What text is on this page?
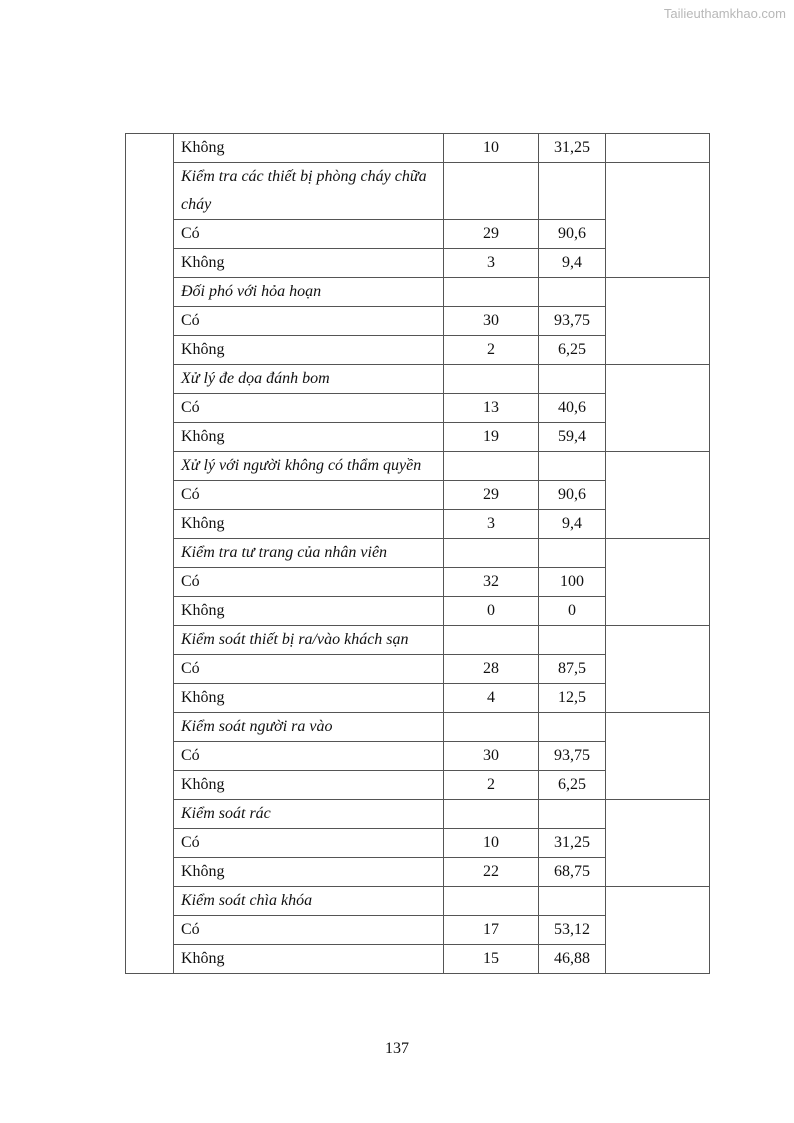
Tailieuthamkhao.com
	Không	10	31,25	
	Kiểm tra các thiết bị phòng cháy chữa cháy			
	Có	29	90,6	
	Không	3	9,4	
	Đối phó với hỏa hoạn			
	Có	30	93,75	
	Không	2	6,25	
	Xử lý đe dọa đánh bom			
	Có	13	40,6	
	Không	19	59,4	
	Xử lý với người không có thẩm quyền			
	Có	29	90,6	
	Không	3	9,4	
	Kiểm tra tư trang của nhân viên			
	Có	32	100	
	Không	0	0	
	Kiểm soát thiết bị ra/vào khách sạn			
	Có	28	87,5	
	Không	4	12,5	
	Kiểm soát người ra vào			
	Có	30	93,75	
	Không	2	6,25	
	Kiểm soát rác			
	Có	10	31,25	
	Không	22	68,75	
	Kiểm soát chìa khóa			
	Có	17	53,12	
	Không	15	46,88	
137
